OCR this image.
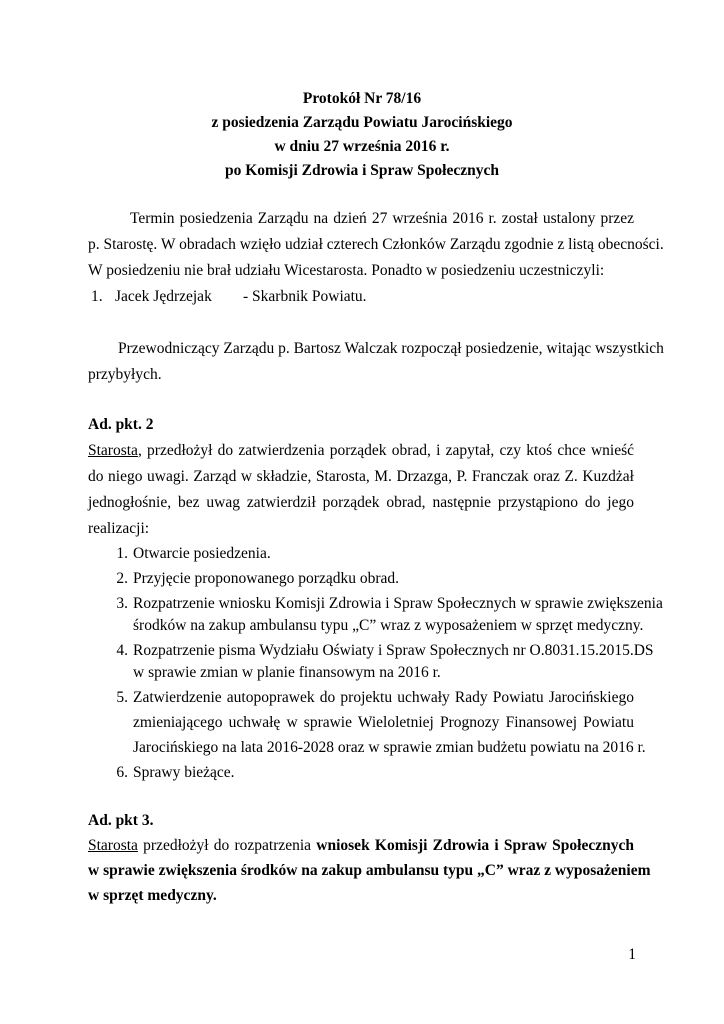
Protokół Nr 78/16
z posiedzenia Zarządu Powiatu Jarocińskiego
w dniu 27 września 2016 r.
po Komisji Zdrowia i Spraw Społecznych
Termin posiedzenia Zarządu na dzień 27 września 2016 r. został ustalony przez
p. Starostę. W obradach wzięło udział czterech Członków Zarządu zgodnie z listą obecności.
W posiedzeniu nie brał udziału Wicestarosta. Ponadto w posiedzeniu uczestniczyli:
1. Jacek Jędrzejak	- Skarbnik Powiatu.
Przewodniczący Zarządu p. Bartosz Walczak rozpoczął posiedzenie, witając wszystkich
przybyłych.
Ad. pkt. 2
Starosta, przedłożył do zatwierdzenia porządek obrad, i zapytał, czy ktoś chce wnieść
do niego uwagi. Zarząd w składzie, Starosta, M. Drzazga, P. Franczak oraz Z. Kuzdżał
jednogłośnie, bez uwag zatwierdził porządek obrad, następnie przystąpiono do jego
realizacji:
1. Otwarcie posiedzenia.
2. Przyjęcie proponowanego porządku obrad.
3. Rozpatrzenie wniosku Komisji Zdrowia i Spraw Społecznych w sprawie zwiększenia
środków na zakup ambulansu typu „C” wraz z wyposażeniem w sprzęt medyczny.
4. Rozpatrzenie pisma Wydziału Oświaty i Spraw Społecznych nr O.8031.15.2015.DS
w sprawie zmian w planie finansowym na 2016 r.
5. Zatwierdzenie autopoprawek do projektu uchwały Rady Powiatu Jarocińskiego
zmieniającego uchwałę w sprawie Wieloletniej Prognozy Finansowej Powiatu
Jarocińskiego na lata 2016-2028 oraz w sprawie zmian budżetu powiatu na 2016 r.
6. Sprawy bieżące.
Ad. pkt 3.
Starosta przedłożył do rozpatrzenia wniosek Komisji Zdrowia i Spraw Społecznych
w sprawie zwiększenia środków na zakup ambulansu typu „C” wraz z wyposażeniem
w sprzęt medyczny.
1
